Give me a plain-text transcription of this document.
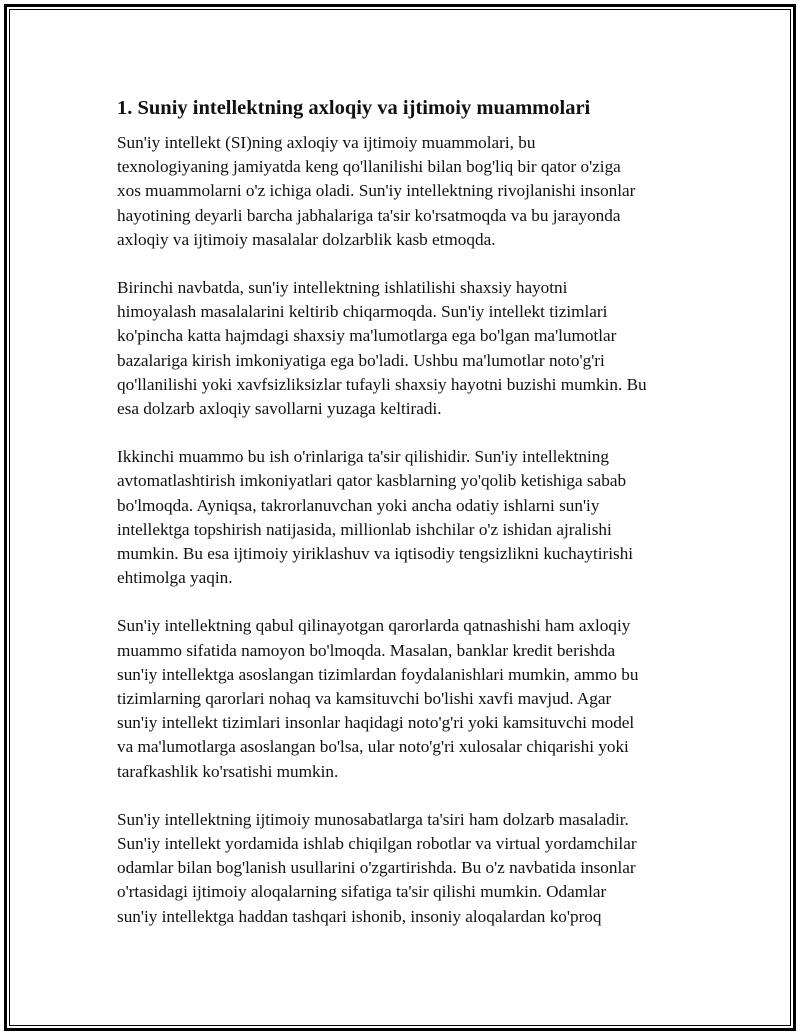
1. Suniy intellektning axloqiy va ijtimoiy muammolari

Sun'iy intellekt (SI)ning axloqiy va ijtimoiy muammolari, bu
texnologiyaning jamiyatda keng qo'llanilishi bilan bog'liq bir qator o'ziga
xos muammolarni o'z ichiga oladi. Sun'iy intellektning rivojlanishi insonlar
hayotining deyarli barcha jabhalariga ta'sir ko'rsatmoqda va bu jarayonda
axloqiy va ijtimoiy masalalar dolzarblik kasb etmoqda.

Birinchi navbatda, sun'iy intellektning ishlatilishi shaxsiy hayotni
himoyalash masalalarini keltirib chiqarmoqda. Sun'iy intellekt tizimlari
ko'pincha katta hajmdagi shaxsiy ma'lumotlarga ega bo'lgan ma'lumotlar
bazalariga kirish imkoniyatiga ega bo'ladi. Ushbu ma'lumotlar noto'g'ri
qo'llanilishi yoki xavfsizliksizlar tufayli shaxsiy hayotni buzishi mumkin. Bu
esa dolzarb axloqiy savollarni yuzaga keltiradi.

Ikkinchi muammo bu ish o'rinlariga ta'sir qilishidir. Sun'iy intellektning
avtomatlashtirish imkoniyatlari qator kasblarning yo'qolib ketishiga sabab
bo'lmoqda. Ayniqsa, takrorlanuvchan yoki ancha odatiy ishlarni sun'iy
intellektga topshirish natijasida, millionlab ishchilar o'z ishidan ajralishi
mumkin. Bu esa ijtimoiy yiriklashuv va iqtisodiy tengsizlikni kuchaytirishi
ehtimolga yaqin.

Sun'iy intellektning qabul qilinayotgan qarorlarda qatnashishi ham axloqiy
muammo sifatida namoyon bo'lmoqda. Masalan, banklar kredit berishda
sun'iy intellektga asoslangan tizimlardan foydalanishlari mumkin, ammo bu
tizimlarning qarorlari nohaq va kamsituvchi bo'lishi xavfi mavjud. Agar
sun'iy intellekt tizimlari insonlar haqidagi noto'g'ri yoki kamsituvchi model
va ma'lumotlarga asoslangan bo'lsa, ular noto'g'ri xulosalar chiqarishi yoki
tarafkashlik ko'rsatishi mumkin.

Sun'iy intellektning ijtimoiy munosabatlarga ta'siri ham dolzarb masaladir.
Sun'iy intellekt yordamida ishlab chiqilgan robotlar va virtual yordamchilar
odamlar bilan bog'lanish usullarini o'zgartirishda. Bu o'z navbatida insonlar
o'rtasidagi ijtimoiy aloqalarning sifatiga ta'sir qilishi mumkin. Odamlar
sun'iy intellektga haddan tashqari ishonib, insoniy aloqalardan ko'proq
